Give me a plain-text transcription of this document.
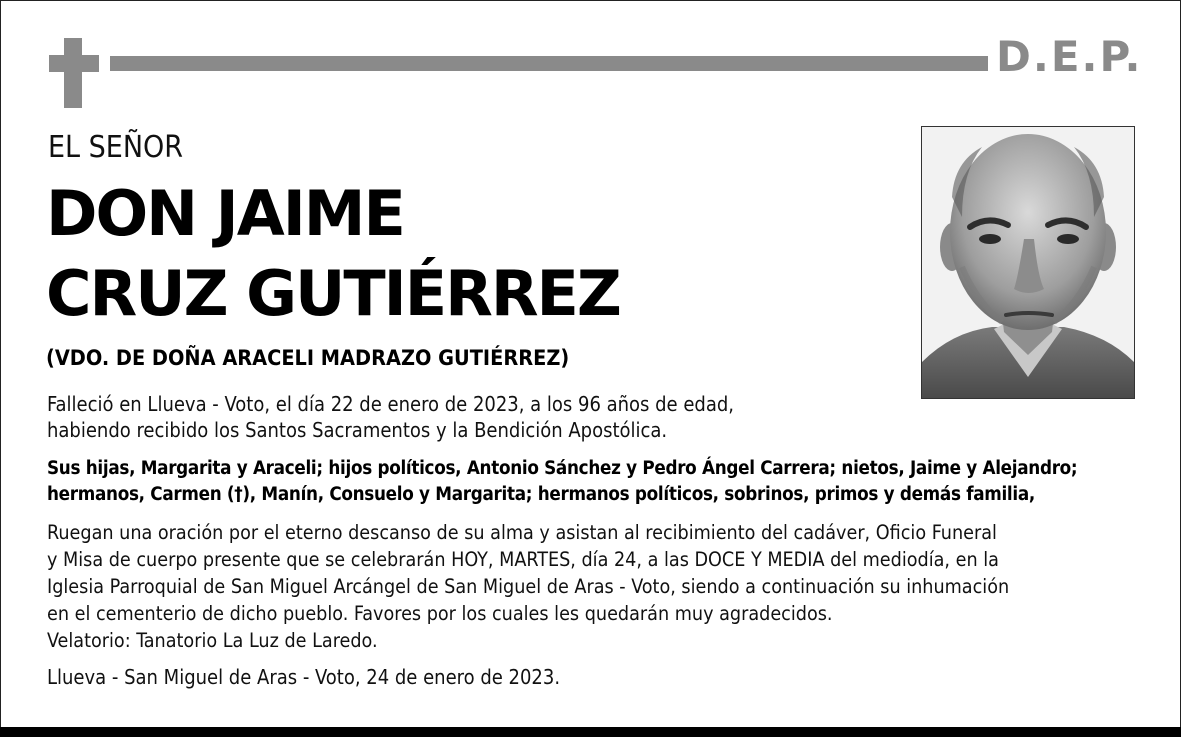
D.E.P.
EL SEÑOR
DON JAIME
CRUZ GUTIÉRREZ
(VDO. DE DOÑA ARACELI MADRAZO GUTIÉRREZ)
Falleció en Llueva - Voto, el día 22 de enero de 2023, a los 96 años de edad,
habiendo recibido los Santos Sacramentos y la Bendición Apostólica.
Sus hijas, Margarita y Araceli; hijos políticos, Antonio Sánchez y Pedro Ángel Carrera; nietos, Jaime y Alejandro;
hermanos, Carmen (†), Manín, Consuelo y Margarita; hermanos políticos, sobrinos, primos y demás familia,
Ruegan una oración por el eterno descanso de su alma y asistan al recibimiento del cadáver, Oficio Funeral
y Misa de cuerpo presente que se celebrarán HOY, MARTES, día 24, a las DOCE Y MEDIA del mediodía, en la
Iglesia Parroquial de San Miguel Arcángel de San Miguel de Aras - Voto, siendo a continuación su inhumación
en el cementerio de dicho pueblo. Favores por los cuales les quedarán muy agradecidos.
Velatorio: Tanatorio La Luz de Laredo.
Llueva - San Miguel de Aras - Voto, 24 de enero de 2023.
